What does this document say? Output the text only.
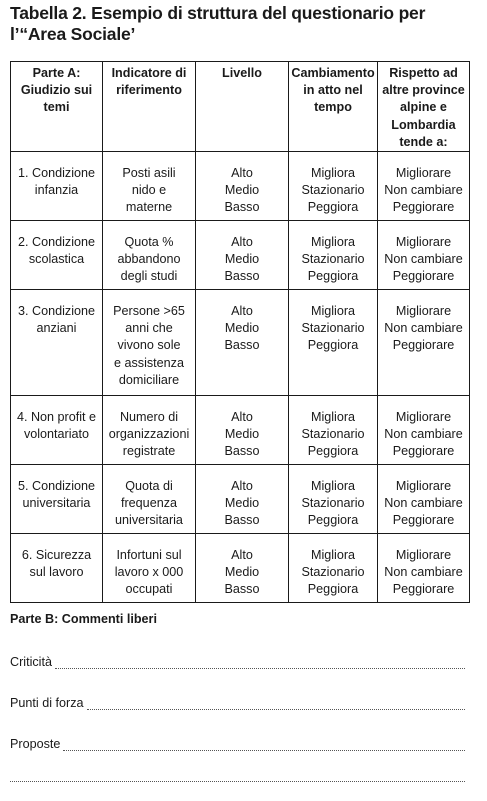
Tabella 2. Esempio di struttura del questionario per l’“Area Sociale’
Parte A:
Giudizio sui
temi	Indicatore di
riferimento	Livello	Cambiamento
in atto nel
tempo	Rispetto ad
altre province
alpine e
Lombardia
tende a:

1. Condizione
infanzia	Posti asili
nido e
materne	Alto
Medio
Basso	Migliora
Stazionario
Peggiora	Migliorare
Non cambiare
Peggiorare

2. Condizione
scolastica	Quota %
abbandono
degli studi	Alto
Medio
Basso	Migliora
Stazionario
Peggiora	Migliorare
Non cambiare
Peggiorare

3. Condizione
anziani	Persone >65
anni che
vivono sole
e assistenza
domiciliare	Alto
Medio
Basso	Migliora
Stazionario
Peggiora	Migliorare
Non cambiare
Peggiorare

4. Non profit e
volontariato	Numero di
organizzazioni
registrate	Alto
Medio
Basso	Migliora
Stazionario
Peggiora	Migliorare
Non cambiare
Peggiorare

5. Condizione
universitaria	Quota di
frequenza
universitaria	Alto
Medio
Basso	Migliora
Stazionario
Peggiora	Migliorare
Non cambiare
Peggiorare

6. Sicurezza
sul lavoro	Infortuni sul
lavoro x 000
occupati	Alto
Medio
Basso	Migliora
Stazionario
Peggiora	Migliorare
Non cambiare
Peggiorare

Parte B: Commenti liberi

Criticità
Punti di forza
Proposte
